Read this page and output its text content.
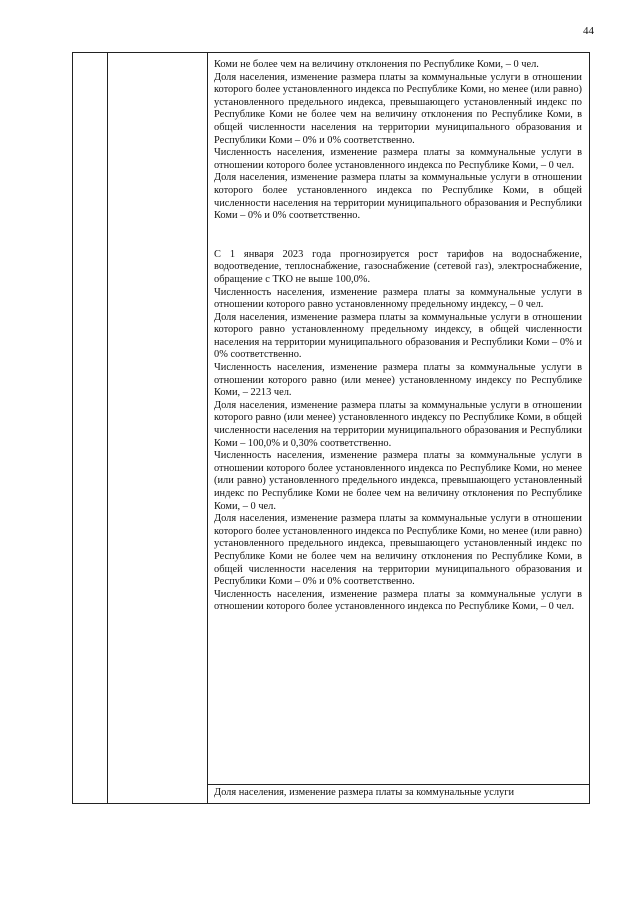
44

Коми не более чем на величину отклонения по Республике Коми, – 0 чел.

Доля населения, изменение размера платы за коммунальные услуги в отношении которого более установленного индекса по Республике Коми, но менее (или равно) установленного предельного индекса, превышающего установленный индекс по Республике Коми не более чем на величину отклонения по Республике Коми, в общей численности населения на территории муниципального образования и Республики Коми – 0% и 0% соответственно.

Численность населения, изменение размера платы за коммунальные услуги в отношении которого более установленного индекса по Республике Коми, – 0 чел.

Доля населения, изменение размера платы за коммунальные услуги в отношении которого более установленного индекса по Республике Коми, в общей численности населения на территории муниципального образования и Республики Коми – 0% и 0% соответственно.

С 1 января 2023 года прогнозируется рост тарифов на водоснабжение, водоотведение, теплоснабжение, газоснабжение (сетевой газ), электроснабжение, обращение с ТКО не выше 100,0%.

Численность населения, изменение размера платы за коммунальные услуги в отношении которого равно установленному предельному индексу, – 0 чел.

Доля населения, изменение размера платы за коммунальные услуги в отношении которого равно установленному предельному индексу, в общей численности населения на территории муниципального образования и Республики Коми – 0% и 0% соответственно.

Численность населения, изменение размера платы за коммунальные услуги в отношении которого равно (или менее) установленному индексу по Республике Коми, – 2213 чел.

Доля населения, изменение размера платы за коммунальные услуги в отношении которого равно (или менее) установленного индексу по Республике Коми, в общей численности населения на территории муниципального образования и Республики Коми – 100,0% и 0,30% соответственно.

Численность населения, изменение размера платы за коммунальные услуги в отношении которого более установленного индекса по Республике Коми, но менее (или равно) установленного предельного индекса, превышающего установленный индекс по Республике Коми не более чем на величину отклонения по Республике Коми, – 0 чел.

Доля населения, изменение размера платы за коммунальные услуги в отношении которого более установленного индекса по Республике Коми, но менее (или равно) установленного предельного индекса, превышающего установленный индекс по Республике Коми не более чем на величину отклонения по Республике Коми, в общей численности населения на территории муниципального образования и Республики Коми – 0% и 0% соответственно.

Численность населения, изменение размера платы за коммунальные услуги в отношении которого более установленного индекса по Республике Коми, – 0 чел.

Доля населения, изменение размера платы за коммунальные услуги
